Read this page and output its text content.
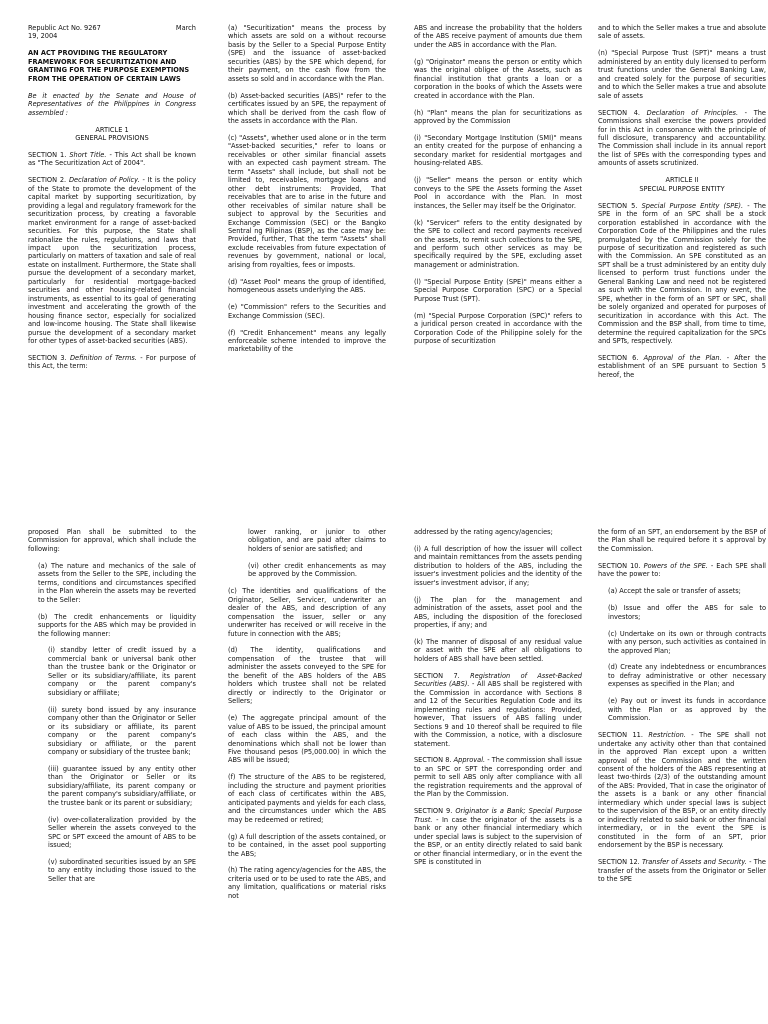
Republic Act No. 9267	March

19, 2004

AN ACT PROVIDING THE REGULATORY FRAMEWORK FOR SECURITIZATION AND GRANTING FOR THE PURPOSE EXEMPTIONS FROM THE OPERATION OF CERTAIN LAWS

Be it enacted by the Senate and House of Representatives of the Philippines in Congress assembled :

ARTICLE 1
GENERAL PROVISIONS

SECTION 1. Short Title. - This Act shall be known as "The Securitization Act of 2004".

SECTION 2. Declaration of Policy. - It is the policy of the State to promote the development of the capital market by supporting securitization, by providing a legal and regulatory framework for the securitization process, by creating a favorable market environment for a range of asset-backed securities. For this purpose, the State shall rationalize the rules, regulations, and laws that impact upon the securitization process, particularly on matters of taxation and sale of real estate on installment. Furthermore, the State shall pursue the development of a secondary market, particularly for residential mortgage-backed securities and other housing-related financial instruments, as essential to its goal of generating investment and accelerating the growth of the housing finance sector, especially for socialized and low-income housing. The State shall likewise pursue the development of a secondary market for other types of asset-backed securities (ABS).

SECTION 3. Definition of Terms. - For purpose of this Act, the term:

(a) "Securitization" means the process by which assets are sold on a without recourse basis by the Seller to a Special Purpose Entity (SPE) and the issuance of asset-backed securities (ABS) by the SPE which depend, for their payment, on the cash flow from the assets so sold and in accordance with the Plan.

(b) Asset-backed securities (ABS)" refer to the certificates issued by an SPE, the repayment of which shall be derived from the cash flow of the assets in accordance with the Plan.

(c) "Assets", whether used alone or in the term "Asset-backed securities," refer to loans or receivables or other similar financial assets with an expected cash payment stream. The term "Assets" shall include, but shall not be limited to, receivables, mortgage loans and other debt instruments: Provided, That receivables that are to arise in the future and other receivables of similar nature shall be subject to approval by the Securities and Exchange Commission (SEC) or the Bangko Sentral ng Pilipinas (BSP), as the case may be: Provided, further, That the term "Assets" shall exclude receivables from future expectation of revenues by government, national or local, arising from royalties, fees or imposts.

(d) "Asset Pool" means the group of identified, homogeneous assets underlying the ABS.

(e) "Commission" refers to the Securities and Exchange Commission (SEC).

(f) "Credit Enhancement" means any legally enforceable scheme intended to improve the marketability of the

ABS and increase the probability that the holders of the ABS receive payment of amounts due them under the ABS in accordance with the Plan.

(g) "Originator" means the person or entity which was the original obligee of the Assets, such as financial institution that grants a loan or a corporation in the books of which the Assets were created in accordance with the Plan.

(h) "Plan" means the plan for securitizations as approved by the Commission

(i) "Secondary Mortgage Institution (SMI)" means an entity created for the purpose of enhancing a secondary market for residential mortgages and housing-related ABS.

(j) "Seller" means the person or entity which conveys to the SPE the Assets forming the Asset Pool in accordance with the Plan. In most instances, the Seller may itself be the Originator.

(k) "Servicer" refers to the entity designated by the SPE to collect and record payments received on the assets, to remit such collections to the SPE, and perform such other services as may be specifically required by the SPE, excluding asset management or administration.

(l) "Special Purpose Entity (SPE)" means either a Special Purpose Corporation (SPC) or a Special Purpose Trust (SPT).

(m) "Special Purpose Corporation (SPC)" refers to a juridical person created in accordance with the Corporation Code of the Philippine solely for the purpose of securitization

and to which the Seller makes a true and absolute sale of assets.

(n) "Special Purpose Trust (SPT)" means a trust administered by an entity duly licensed to perform trust functions under the General Banking Law, and created solely for the purpose of securities and to which the Seller makes a true and absolute sale of assets

SECTION 4. Declaration of Principles. - The Commissions shall exercise the powers provided for in this Act in consonance with the principle of full disclosure, transparency and accountability. The Commission shall include in its annual report the list of SPEs with the corresponding types and amounts of assets scrutinized.

ARTICLE II
SPECIAL PURPOSE ENTITY

SECTION 5. Special Purpose Entity (SPE). - The SPE in the form of an SPC shall be a stock corporation established in accordance with the Corporation Code of the Philippines and the rules promulgated by the Commission solely for the purpose of securitization and registered as such with the Commission. An SPE constituted as an SPT shall be a trust administered by an entity duly licensed to perform trust functions under the General Banking Law and need not be registered as such with the Commission. In any event, the SPE, whether in the form of an SPT or SPC, shall be solely organized and operated for purposes of securitization in accordance with this Act. The Commission and the BSP shall, from time to time, determine the required capitalization for the SPCs and SPTs, respectively.

SECTION 6. Approval of the Plan. - After the establishment of an SPE pursuant to Section 5 hereof, the

proposed Plan shall be submitted to the Commission for approval, which shall include the following:

(a) The nature and mechanics of the sale of assets from the Seller to the SPE, including the terms, conditions and circumstances specified in the Plan wherein the assets may be reverted to the Seller:

(b) The credit enhancements or liquidity supports for the ABS which may be provided in the following manner:

(i) standby letter of credit issued by a commercial bank or universal bank other than the trustee bank or the Originator or Seller or its subsidiary/affiliate, its parent company or the parent company's subsidiary or affiliate;

(ii) surety bond issued by any insurance company other than the Originator or Seller or its subsidiary or affiliate, its parent company or the parent company's subsidiary or affiliate, or the parent company or subsidiary of the trustee bank;

(iii) guarantee issued by any entity other than the Originator or Seller or its subsidiary/affiliate, its parent company or the parent company's subsidiary/affiliate, or the trustee bank or its parent or subsidiary;

(iv) over-collateralization provided by the Seller wherein the assets conveyed to the SPC or SPT exceed the amount of ABS to be issued;

(v) subordinated securities issued by an SPE to any entity including those issued to the Seller that are

lower ranking, or junior to other obligation, and are paid after claims to holders of senior are satisfied; and

(vi) other credit enhancements as may be approved by the Commission.

(c) The identities and qualifications of the Originator, Seller, Servicer, underwriter an dealer of the ABS, and description of any compensation the issuer, seller or any underwriter has received or will receive in the future in connection with the ABS;

(d) The identity, qualifications and compensation of the trustee that will administer the assets conveyed to the SPE for the benefit of the ABS holders of the ABS holders which trustee shall not be related directly or indirectly to the Originator or Sellers;

(e) The aggregate principal amount of the value of ABS to be issued, the principal amount of each class within the ABS, and the denominations which shall not be lower than Five thousand pesos (P5,000.00) in which the ABS will be issued;

(f) The structure of the ABS to be registered, including the structure and payment priorities of each class of certificates within the ABS, anticipated payments and yields for each class, and the circumstances under which the ABS may be redeemed or retired;

(g) A full description of the assets contained, or to be contained, in the asset pool supporting the ABS;

(h) The rating agency/agencies for the ABS, the criteria used or to be used to rate the ABS, and any limitation, qualifications or material risks not

addressed by the rating agency/agencies;

(i) A full description of how the issuer will collect and maintain remittances from the assets pending distribution to holders of the ABS, including the issuer's investment policies and the identity of the issuer's investment advisor, if any;

(j) The plan for the management and administration of the assets, asset pool and the ABS, including the disposition of the foreclosed properties, if any; and

(k) The manner of disposal of any residual value or asset with the SPE after all obligations to holders of ABS shall have been settled.

SECTION 7. Registration of Asset-Backed Securities (ABS). - All ABS shall be registered with the Commission in accordance with Sections 8 and 12 of the Securities Regulation Code and its implementing rules and regulations: Provided, however, That issuers of ABS falling under Sections 9 and 10 thereof shall be required to file with the Commission, a notice, with a disclosure statement.

SECTION 8. Approval. - The commission shall issue to an SPC or SPT the corresponding order and permit to sell ABS only after compliance with all the registration requirements and the approval of the Plan by the Commission.

SECTION 9. Originator is a Bank; Special Purpose Trust. - In case the originator of the assets is a bank or any other financial intermediary which under special laws is subject to the supervision of the BSP, or an entity directly related to said bank or other financial intermediary, or in the event the SPE is constituted in

the form of an SPT, an endorsement by the BSP of the Plan shall be required before it s approval by the Commission.

SECTION 10. Powers of the SPE. - Each SPE shall have the power to:

(a) Accept the sale or transfer of assets;

(b) Issue and offer the ABS for sale to investors;

(c) Undertake on its own or through contracts with any person, such activities as contained in the approved Plan;

(d) Create any indebtedness or encumbrances to defray administrative or other necessary expenses as specified in the Plan; and

(e) Pay out or invest its funds in accordance with the Plan or as approved by the Commission.

SECTION 11. Restriction. - The SPE shall not undertake any activity other than that contained in the approved Plan except upon a written approval of the Commission and the written consent of the holders of the ABS representing at least two-thirds (2/3) of the outstanding amount of the ABS: Provided, That in case the originator of the assets is a bank or any other financial intermediary which under special laws is subject to the supervision of the BSP, or an entity directly or indirectly related to said bank or other financial intermediary, or in the event the SPE is constituted in the form of an SPT, prior endorsement by the BSP is necessary.

SECTION 12. Transfer of Assets and Security. - The transfer of the assets from the Originator or Seller to the SPE
